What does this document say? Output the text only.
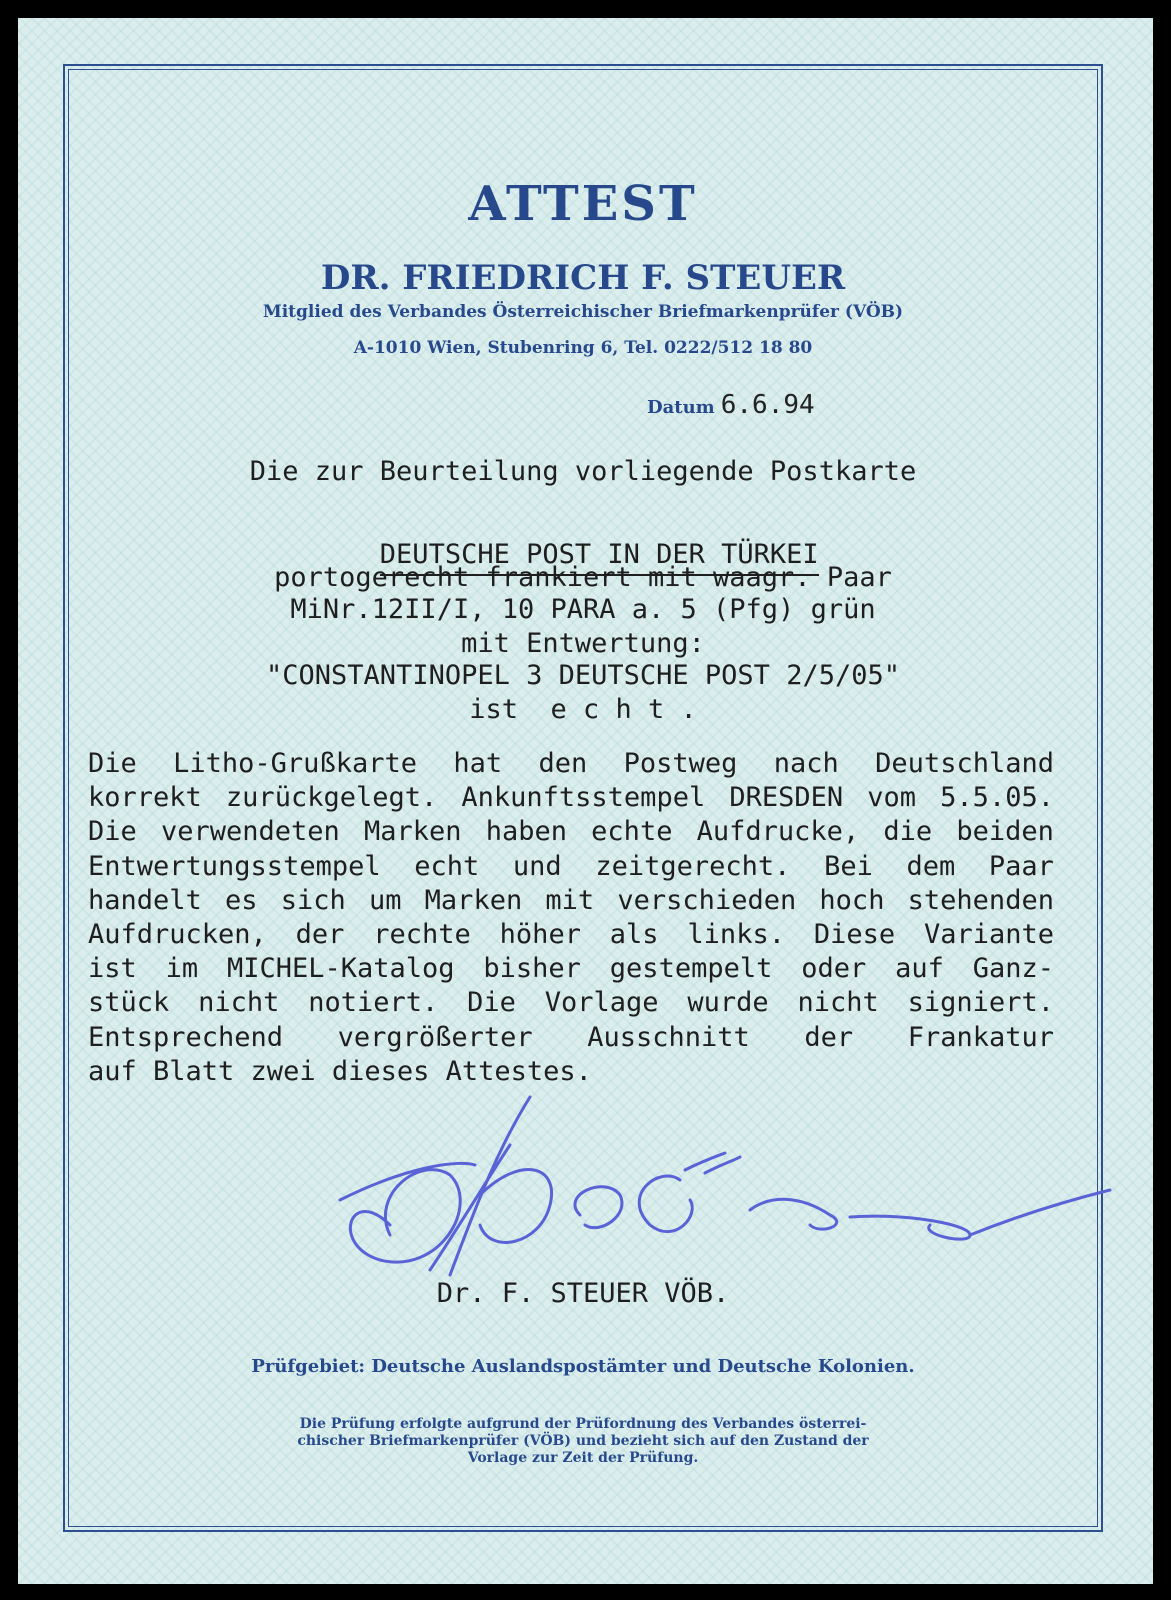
ATTEST
DR. FRIEDRICH F. STEUER
Mitglied des Verbandes Österreichischer Briefmarkenprüfer (VÖB)
A-1010 Wien, Stubenring 6, Tel. 0222/512 18 80
Datum 6.6.94
Die zur Beurteilung vorliegende Postkarte

DEUTSCHE POST IN DER TÜRKEI

portogerecht frankiert mit waagr. Paar
MiNr.12II/I, 10 PARA a. 5 (Pfg) grün
mit Entwertung:
"CONSTANTINOPEL 3 DEUTSCHE POST 2/5/05"
ist  e c h t .
Die Litho-Grußkarte hat den Postweg nach Deutschland
korrekt zurückgelegt. Ankunftsstempel DRESDEN vom 5.5.05.
Die verwendeten Marken haben echte Aufdrucke, die beiden
Entwertungsstempel echt und zeitgerecht. Bei dem Paar
handelt es sich um Marken mit verschieden hoch stehenden
Aufdrucken, der rechte höher als links. Diese Variante
ist im MICHEL-Katalog bisher gestempelt oder auf Ganz-
stück nicht notiert. Die Vorlage wurde nicht signiert.
Entsprechend vergrößerter Ausschnitt der Frankatur
auf Blatt zwei dieses Attestes.
Dr. F. STEUER VÖB.
Prüfgebiet: Deutsche Auslandspostämter und Deutsche Kolonien.
Die Prüfung erfolgte aufgrund der Prüfordnung des Verbandes österrei-
chischer Briefmarkenprüfer (VÖB) und bezieht sich auf den Zustand der
Vorlage zur Zeit der Prüfung.
